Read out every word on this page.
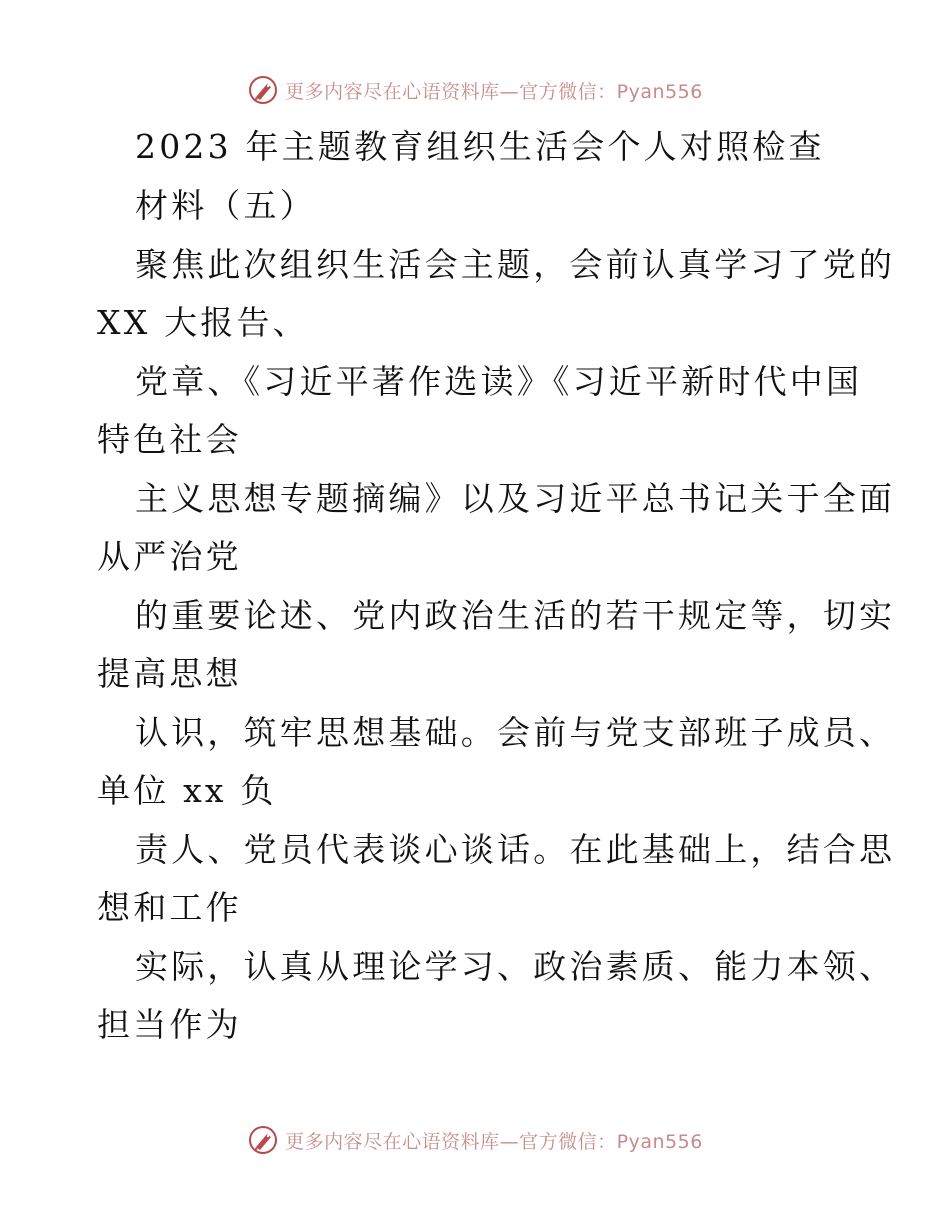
更多内容尽在心语资料库—官方微信：Pyan556
2023 年主题教育组织生活会个人对照检查
材料（五）
聚焦此次组织生活会主题，会前认真学习了党的
XX 大报告、
党章、《习近平著作选读》《习近平新时代中国
特色社会
主义思想专题摘编》以及习近平总书记关于全面
从严治党
的重要论述、党内政治生活的若干规定等，切实
提高思想
认识，筑牢思想基础。会前与党支部班子成员、
单位 xx 负
责人、党员代表谈心谈话。在此基础上，结合思
想和工作
实际，认真从理论学习、政治素质、能力本领、
担当作为
更多内容尽在心语资料库—官方微信：Pyan556
